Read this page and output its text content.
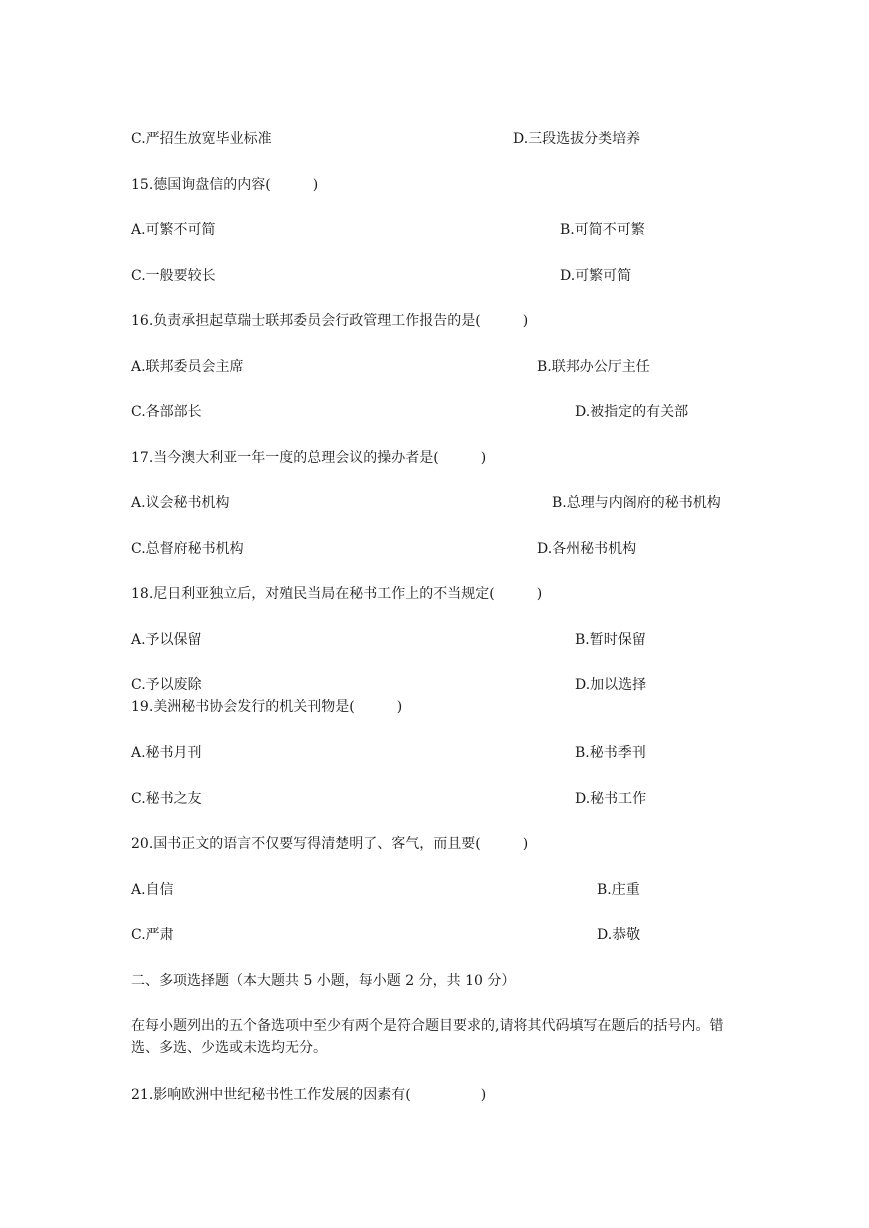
C.严招生放宽毕业标准	D.三段选拔分类培养
15.德国询盘信的内容(　　　)
A.可繁不可简	B.可简不可繁
C.一般要较长	D.可繁可简
16.负责承担起草瑞士联邦委员会行政管理工作报告的是(　　　)
A.联邦委员会主席	B.联邦办公厅主任
C.各部部长	D.被指定的有关部
17.当今澳大利亚一年一度的总理会议的操办者是(　　　)
A.议会秘书机构	B.总理与内阁府的秘书机构
C.总督府秘书机构	D.各州秘书机构
18.尼日利亚独立后，对殖民当局在秘书工作上的不当规定(　　　)
A.予以保留	B.暂时保留
C.予以废除	D.加以选择
19.美洲秘书协会发行的机关刊物是(　　　)
A.秘书月刊	B.秘书季刊
C.秘书之友	D.秘书工作
20.国书正文的语言不仅要写得清楚明了、客气，而且要(　　　)
A.自信	B.庄重
C.严肃	D.恭敬
二、多项选择题（本大题共 5 小题，每小题 2 分，共 10 分）
在每小题列出的五个备选项中至少有两个是符合题目要求的,请将其代码填写在题后的括号内。错选、多选、少选或未选均无分。
21.影响欧洲中世纪秘书性工作发展的因素有(　　　　　)
